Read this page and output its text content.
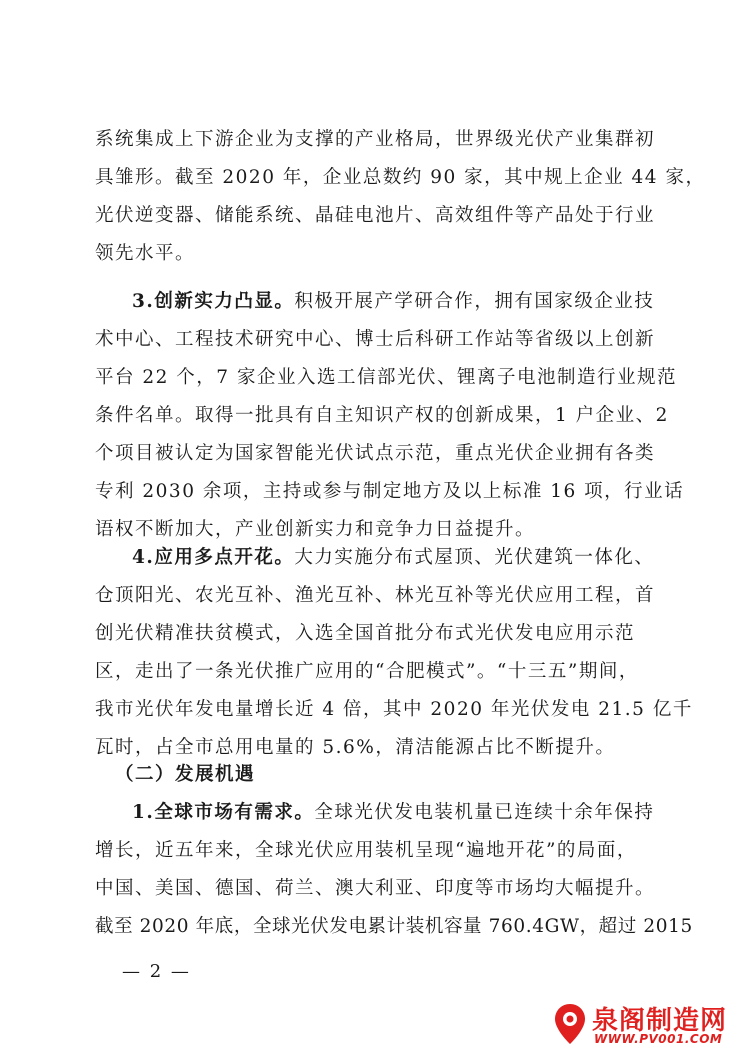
系统集成上下游企业为支撑的产业格局，世界级光伏产业集群初
具雏形。截至 2020 年，企业总数约 90 家，其中规上企业 44 家，
光伏逆变器、储能系统、晶硅电池片、高效组件等产品处于行业
领先水平。
3.创新实力凸显。积极开展产学研合作，拥有国家级企业技
术中心、工程技术研究中心、博士后科研工作站等省级以上创新
平台 22 个，7 家企业入选工信部光伏、锂离子电池制造行业规范
条件名单。取得一批具有自主知识产权的创新成果，1 户企业、2
个项目被认定为国家智能光伏试点示范，重点光伏企业拥有各类
专利 2030 余项，主持或参与制定地方及以上标准 16 项，行业话
语权不断加大，产业创新实力和竞争力日益提升。
4.应用多点开花。大力实施分布式屋顶、光伏建筑一体化、
仓顶阳光、农光互补、渔光互补、林光互补等光伏应用工程，首
创光伏精准扶贫模式，入选全国首批分布式光伏发电应用示范
区，走出了一条光伏推广应用的“合肥模式”。“十三五”期间，
我市光伏年发电量增长近 4 倍，其中 2020 年光伏发电 21.5 亿千
瓦时，占全市总用电量的 5.6%，清洁能源占比不断提升。
（二）发展机遇
1.全球市场有需求。全球光伏发电装机量已连续十余年保持
增长，近五年来，全球光伏应用装机呈现“遍地开花”的局面，
中国、美国、德国、荷兰、澳大利亚、印度等市场均大幅提升。
截至 2020 年底，全球光伏发电累计装机容量 760.4GW，超过 2015
— 2 —
泉阁制造网
WWW.PV001.COM
